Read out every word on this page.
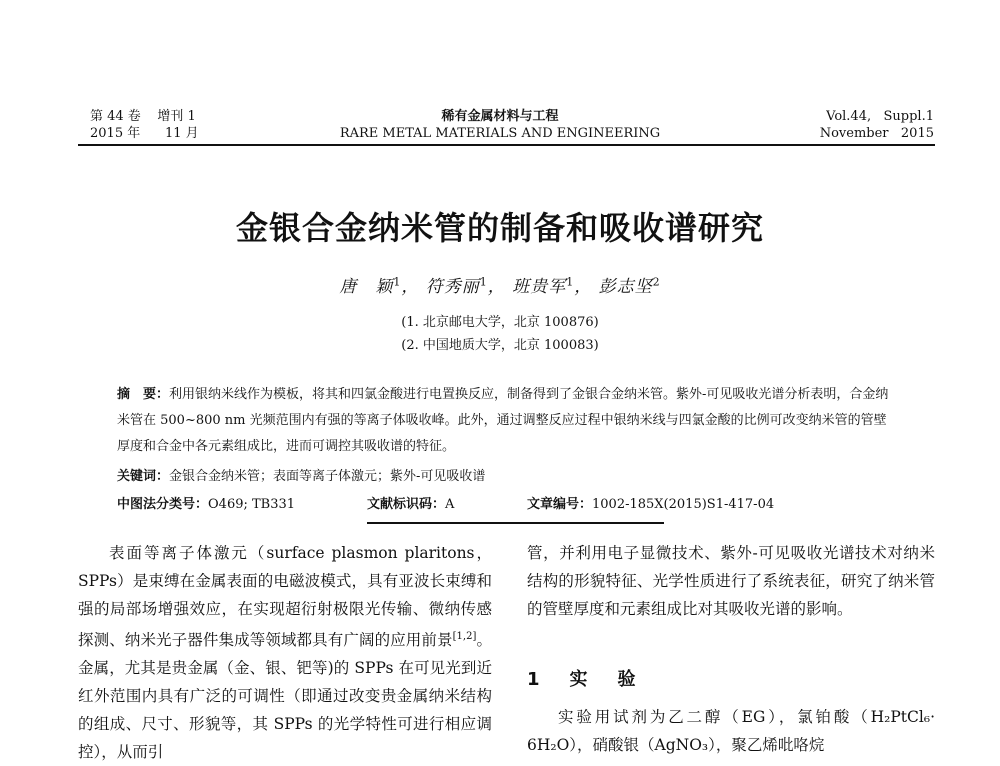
第 44 卷    增刊 1
2015 年      11 月
稀有金属材料与工程
RARE METAL MATERIALS AND ENGINEERING
Vol.44,   Suppl.1
November   2015
金银合金纳米管的制备和吸收谱研究
唐　颖$^1$， 符秀丽$^1$， 班贵军$^1$， 彭志坚$^2$
(1. 北京邮电大学，北京 100876)
(2. 中国地质大学，北京 100083)
摘　要：利用银纳米线作为模板，将其和四氯金酸进行电置换反应，制备得到了金银合金纳米管。紫外-可见吸收光谱分析表明，合金纳米管在 500~800 nm 光频范围内有强的等离子体吸收峰。此外，通过调整反应过程中银纳米线与四氯金酸的比例可改变纳米管的管壁厚度和合金中各元素组成比，进而可调控其吸收谱的特征。
关键词：金银合金纳米管；表面等离子体激元；紫外-可见吸收谱
中图法分类号：O469; TB331	文献标识码：A	文章编号：1002-185X(2015)S1-417-04

表面等离子体激元（surface plasmon plaritons，SPPs）是束缚在金属表面的电磁波模式，具有亚波长束缚和强的局部场增强效应，在实现超衍射极限光传输、微纳传感探测、纳米光子器件集成等领域都具有广阔的应用前景[1,2]。金属，尤其是贵金属（金、银、钯等)的 SPPs 在可见光到近红外范围内具有广泛的可调性（即通过改变贵金属纳米结构的组成、尺寸、形貌等，其 SPPs 的光学特性可进行相应调控），从而引

管，并利用电子显微技术、紫外-可见吸收光谱技术对纳米结构的形貌特征、光学性质进行了系统表征，研究了纳米管的管壁厚度和元素组成比对其吸收光谱的影响。

1　 实　验

实验用试剂为乙二醇（EG），氯铂酸（H₂PtCl₆· 6H₂O），硝酸银（AgNO₃），聚乙烯吡咯烷
